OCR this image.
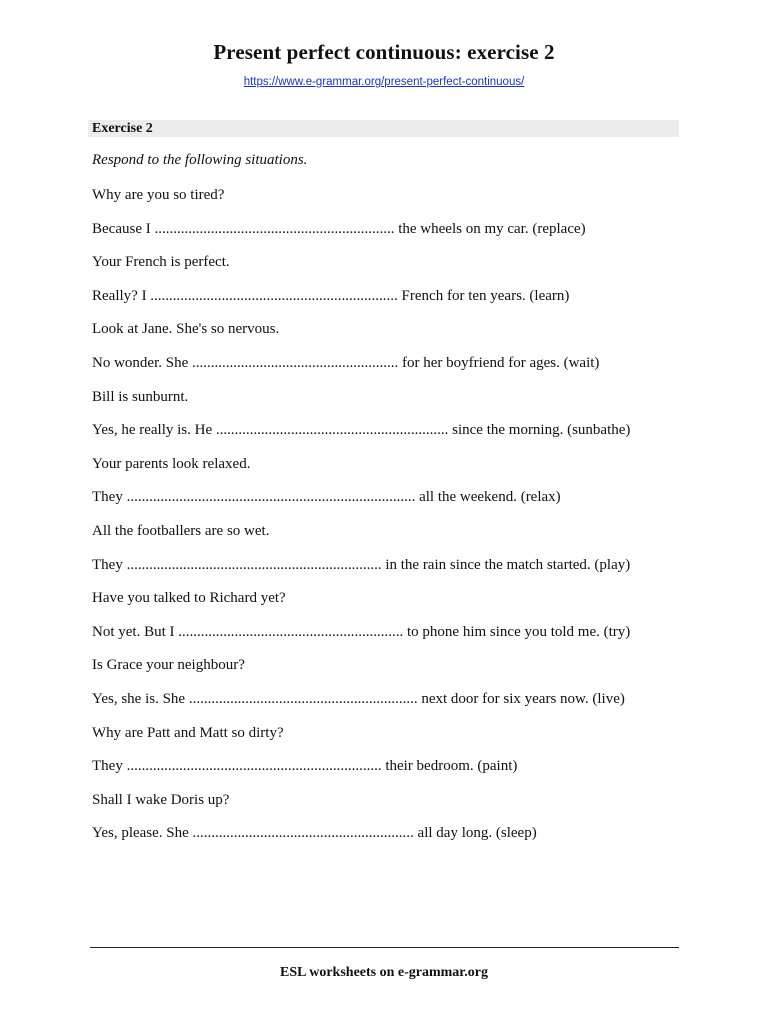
Present perfect continuous: exercise 2
https://www.e-grammar.org/present-perfect-continuous/
Exercise 2
Respond to the following situations.
Why are you so tired?
Because I ................................................................ the wheels on my car. (replace)
Your French is perfect.
Really? I .................................................................. French for ten years. (learn)
Look at Jane. She's so nervous.
No wonder. She ....................................................... for her boyfriend for ages. (wait)
Bill is sunburnt.
Yes, he really is. He .............................................................. since the morning. (sunbathe)
Your parents look relaxed.
They ............................................................................. all the weekend. (relax)
All the footballers are so wet.
They .................................................................... in the rain since the match started. (play)
Have you talked to Richard yet?
Not yet. But I ............................................................ to phone him since you told me. (try)
Is Grace your neighbour?
Yes, she is. She ............................................................. next door for six years now. (live)
Why are Patt and Matt so dirty?
They .................................................................... their bedroom. (paint)
Shall I wake Doris up?
Yes, please. She ........................................................... all day long. (sleep)
ESL worksheets on e-grammar.org
